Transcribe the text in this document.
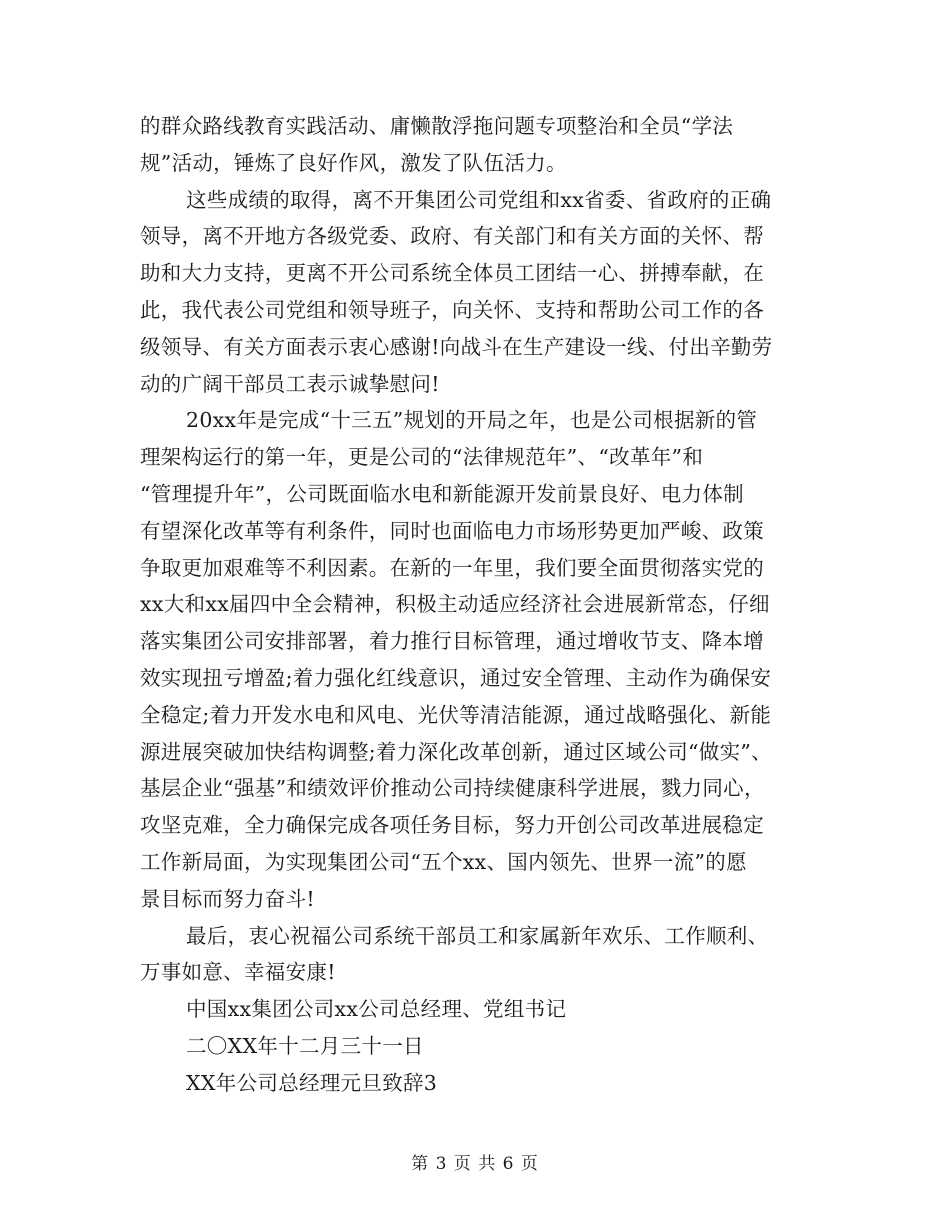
的群众路线教育实践活动、庸懒散浮拖问题专项整治和全员“学法
规”活动，锤炼了良好作风，激发了队伍活力。
这些成绩的取得，离不开集团公司党组和xx省委、省政府的正确
领导，离不开地方各级党委、政府、有关部门和有关方面的关怀、帮
助和大力支持，更离不开公司系统全体员工团结一心、拼搏奉献，在
此，我代表公司党组和领导班子，向关怀、支持和帮助公司工作的各
级领导、有关方面表示衷心感谢!向战斗在生产建设一线、付出辛勤劳
动的广阔干部员工表示诚挚慰问!
20xx年是完成“十三五”规划的开局之年，也是公司根据新的管
理架构运行的第一年，更是公司的“法律规范年”、“改革年”和
“管理提升年”，公司既面临水电和新能源开发前景良好、电力体制
有望深化改革等有利条件，同时也面临电力市场形势更加严峻、政策
争取更加艰难等不利因素。在新的一年里，我们要全面贯彻落实党的
xx大和xx届四中全会精神，积极主动适应经济社会进展新常态，仔细
落实集团公司安排部署，着力推行目标管理，通过增收节支、降本增
效实现扭亏增盈;着力强化红线意识，通过安全管理、主动作为确保安
全稳定;着力开发水电和风电、光伏等清洁能源，通过战略强化、新能
源进展突破加快结构调整;着力深化改革创新，通过区域公司“做实”、
基层企业“强基”和绩效评价推动公司持续健康科学进展，戮力同心，
攻坚克难，全力确保完成各项任务目标，努力开创公司改革进展稳定
工作新局面，为实现集团公司“五个xx、国内领先、世界一流”的愿
景目标而努力奋斗!
最后，衷心祝福公司系统干部员工和家属新年欢乐、工作顺利、
万事如意、幸福安康!
中国xx集团公司xx公司总经理、党组书记
二〇XX年十二月三十一日
XX年公司总经理元旦致辞3
第 3 页 共 6 页
